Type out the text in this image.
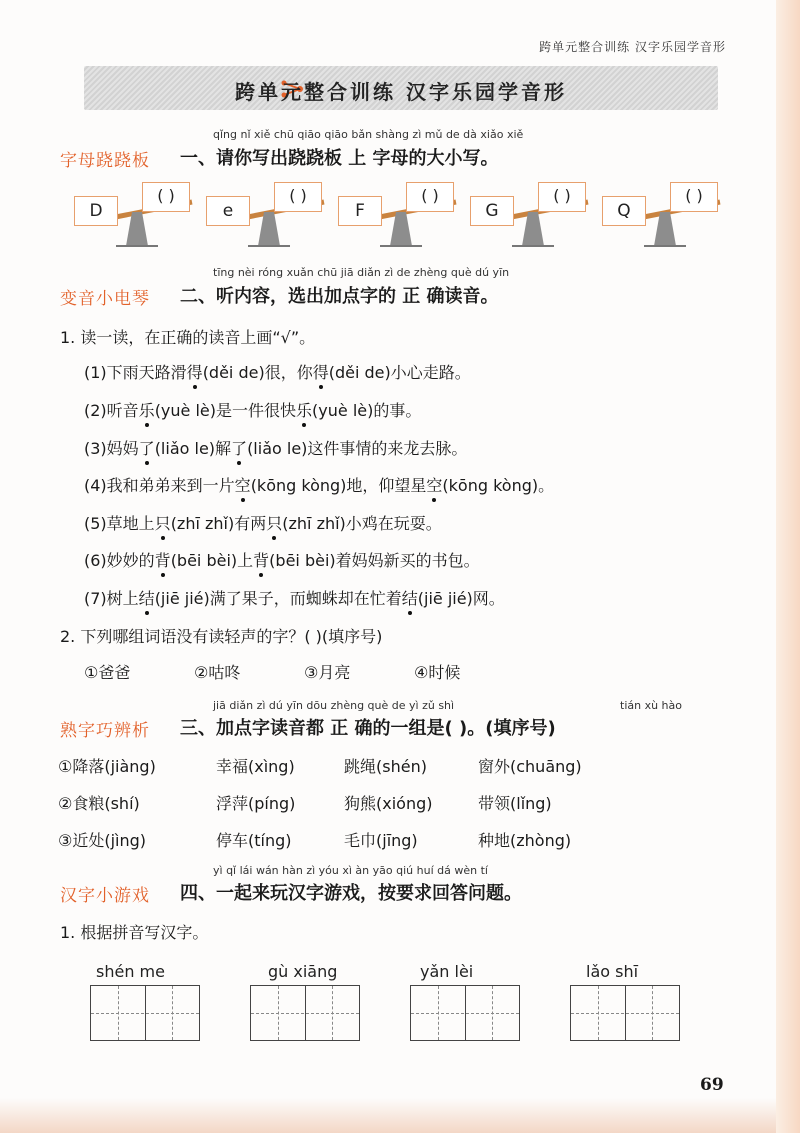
跨单元整合训练 汉字乐园学音形
跨单元整合训练 汉字乐园学音形
qǐng nǐ xiě chū qiāo qiāo bǎn shàng zì mǔ de dà xiǎo xiě
字母跷跷板 一、请你写出跷跷板 上 字母的大小写。
D	e	F	G	Q
( )	( )	( )	( )	( )
tīng nèi róng xuǎn chū jiā diǎn zì de zhèng què dú yīn
变音小电琴 二、听内容，选出加点字的 正 确读音。
1. 读一读，在正确的读音上画“√”。
(1)下雨天路滑得(děi de)很，你得(děi de)小心走路。
(2)听音乐(yuè lè)是一件很快乐(yuè lè)的事。
(3)妈妈了(liǎo le)解了(liǎo le)这件事情的来龙去脉。
(4)我和弟弟来到一片空(kōng kòng)地，仰望星空(kōng kòng)。
(5)草地上只(zhī zhǐ)有两只(zhī zhǐ)小鸡在玩耍。
(6)妙妙的背(bēi bèi)上背(bēi bèi)着妈妈新买的书包。
(7)树上结(jiē jié)满了果子，而蜘蛛却在忙着结(jiē jié)网。
2. 下列哪组词语没有读轻声的字？( )(填序号)
①爸爸	②咕咚	③月亮	④时候
jiā diǎn zì dú yīn dōu zhèng què de yì zǔ shì	tián xù hào
熟字巧辨析 三、加点字读音都 正 确的一组是( )。(填序号)
①降落(jiàng)	幸福(xìng)	跳绳(shén)	窗外(chuāng)
②食粮(shí)	浮萍(píng)	狗熊(xióng)	带领(lǐng)
③近处(jìng)	停车(tíng)	毛巾(jīng)	种地(zhòng)
yì qǐ lái wán hàn zì yóu xì àn yāo qiú huí dá wèn tí
汉字小游戏 四、一起来玩汉字游戏，按要求回答问题。
1. 根据拼音写汉字。
shén me	gù xiāng	yǎn lèi	lǎo shī
69
